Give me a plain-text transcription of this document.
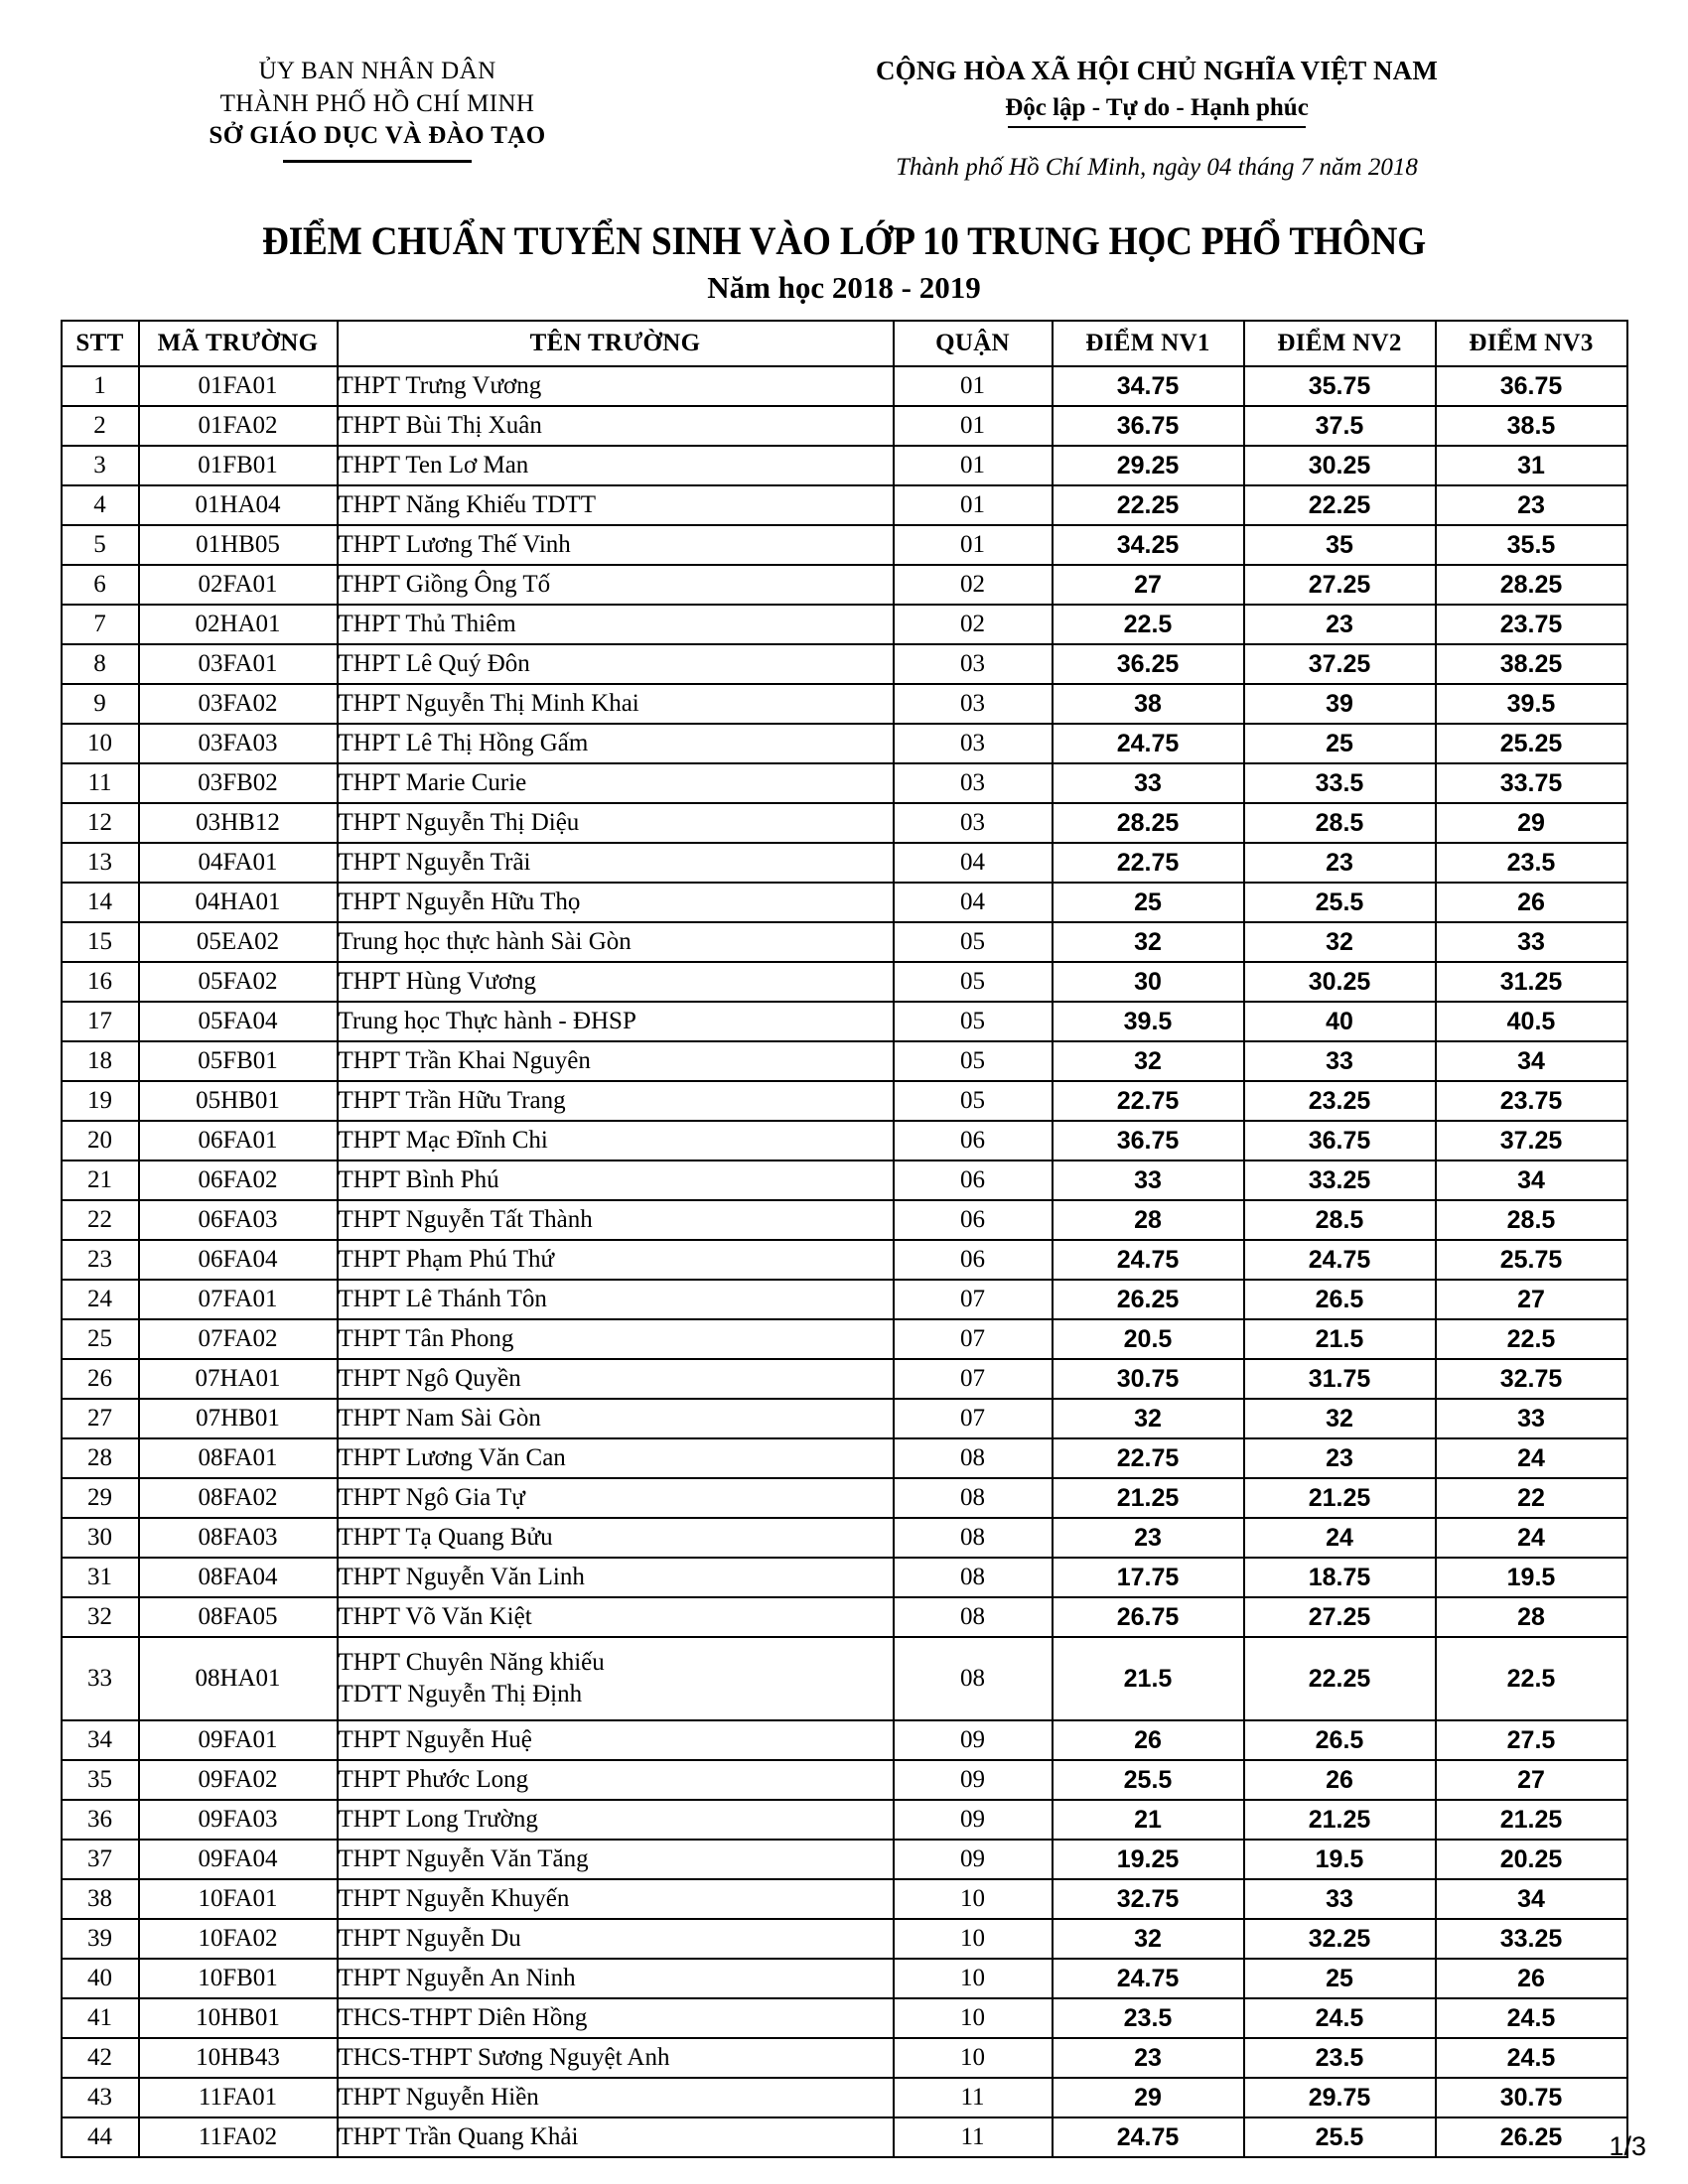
ỦY BAN NHÂN DÂN
THÀNH PHỐ HỒ CHÍ MINH
SỞ GIÁO DỤC VÀ ĐÀO TẠO
CỘNG HÒA XÃ HỘI CHỦ NGHĨA VIỆT NAM
Độc lập - Tự do - Hạnh phúc
Thành phố Hồ Chí Minh, ngày 04 tháng 7 năm 2018
ĐIỂM CHUẨN TUYỂN SINH VÀO LỚP 10 TRUNG HỌC PHỔ THÔNG
Năm học 2018 - 2019
STT	MÃ TRƯỜNG	TÊN TRƯỜNG	QUẬN	ĐIỂM NV1	ĐIỂM NV2	ĐIỂM NV3
1	01FA01	THPT Trưng Vương	01	34.75	35.75	36.75
2	01FA02	THPT Bùi Thị Xuân	01	36.75	37.5	38.5
3	01FB01	THPT Ten Lơ Man	01	29.25	30.25	31
4	01HA04	THPT Năng Khiếu TDTT	01	22.25	22.25	23
5	01HB05	THPT Lương Thế Vinh	01	34.25	35	35.5
6	02FA01	THPT Giồng Ông Tố	02	27	27.25	28.25
7	02HA01	THPT Thủ Thiêm	02	22.5	23	23.75
8	03FA01	THPT Lê Quý Đôn	03	36.25	37.25	38.25
9	03FA02	THPT Nguyễn Thị Minh Khai	03	38	39	39.5
10	03FA03	THPT Lê Thị Hồng Gấm	03	24.75	25	25.25
11	03FB02	THPT Marie Curie	03	33	33.5	33.75
12	03HB12	THPT Nguyễn Thị Diệu	03	28.25	28.5	29
13	04FA01	THPT Nguyễn Trãi	04	22.75	23	23.5
14	04HA01	THPT Nguyễn Hữu Thọ	04	25	25.5	26
15	05EA02	Trung học thực hành Sài Gòn	05	32	32	33
16	05FA02	THPT Hùng Vương	05	30	30.25	31.25
17	05FA04	Trung học Thực hành - ĐHSP	05	39.5	40	40.5
18	05FB01	THPT Trần Khai Nguyên	05	32	33	34
19	05HB01	THPT Trần Hữu Trang	05	22.75	23.25	23.75
20	06FA01	THPT Mạc Đĩnh Chi	06	36.75	36.75	37.25
21	06FA02	THPT Bình Phú	06	33	33.25	34
22	06FA03	THPT Nguyễn Tất Thành	06	28	28.5	28.5
23	06FA04	THPT Phạm Phú Thứ	06	24.75	24.75	25.75
24	07FA01	THPT Lê Thánh Tôn	07	26.25	26.5	27
25	07FA02	THPT Tân Phong	07	20.5	21.5	22.5
26	07HA01	THPT Ngô Quyền	07	30.75	31.75	32.75
27	07HB01	THPT Nam Sài Gòn	07	32	32	33
28	08FA01	THPT Lương Văn Can	08	22.75	23	24
29	08FA02	THPT Ngô Gia Tự	08	21.25	21.25	22
30	08FA03	THPT Tạ Quang Bửu	08	23	24	24
31	08FA04	THPT Nguyễn Văn Linh	08	17.75	18.75	19.5
32	08FA05	THPT Võ Văn Kiệt	08	26.75	27.25	28
33	08HA01	THPT Chuyên Năng khiếu
TDTT Nguyễn Thị Định	08	21.5	22.25	22.5
34	09FA01	THPT Nguyễn Huệ	09	26	26.5	27.5
35	09FA02	THPT Phước Long	09	25.5	26	27
36	09FA03	THPT Long Trường	09	21	21.25	21.25
37	09FA04	THPT Nguyễn Văn Tăng	09	19.25	19.5	20.25
38	10FA01	THPT Nguyễn Khuyến	10	32.75	33	34
39	10FA02	THPT Nguyễn Du	10	32	32.25	33.25
40	10FB01	THPT Nguyễn An Ninh	10	24.75	25	26
41	10HB01	THCS-THPT Diên Hồng	10	23.5	24.5	24.5
42	10HB43	THCS-THPT Sương Nguyệt Anh	10	23	23.5	24.5
43	11FA01	THPT Nguyễn Hiền	11	29	29.75	30.75
44	11FA02	THPT Trần Quang Khải	11	24.75	25.5	26.25 1/3
